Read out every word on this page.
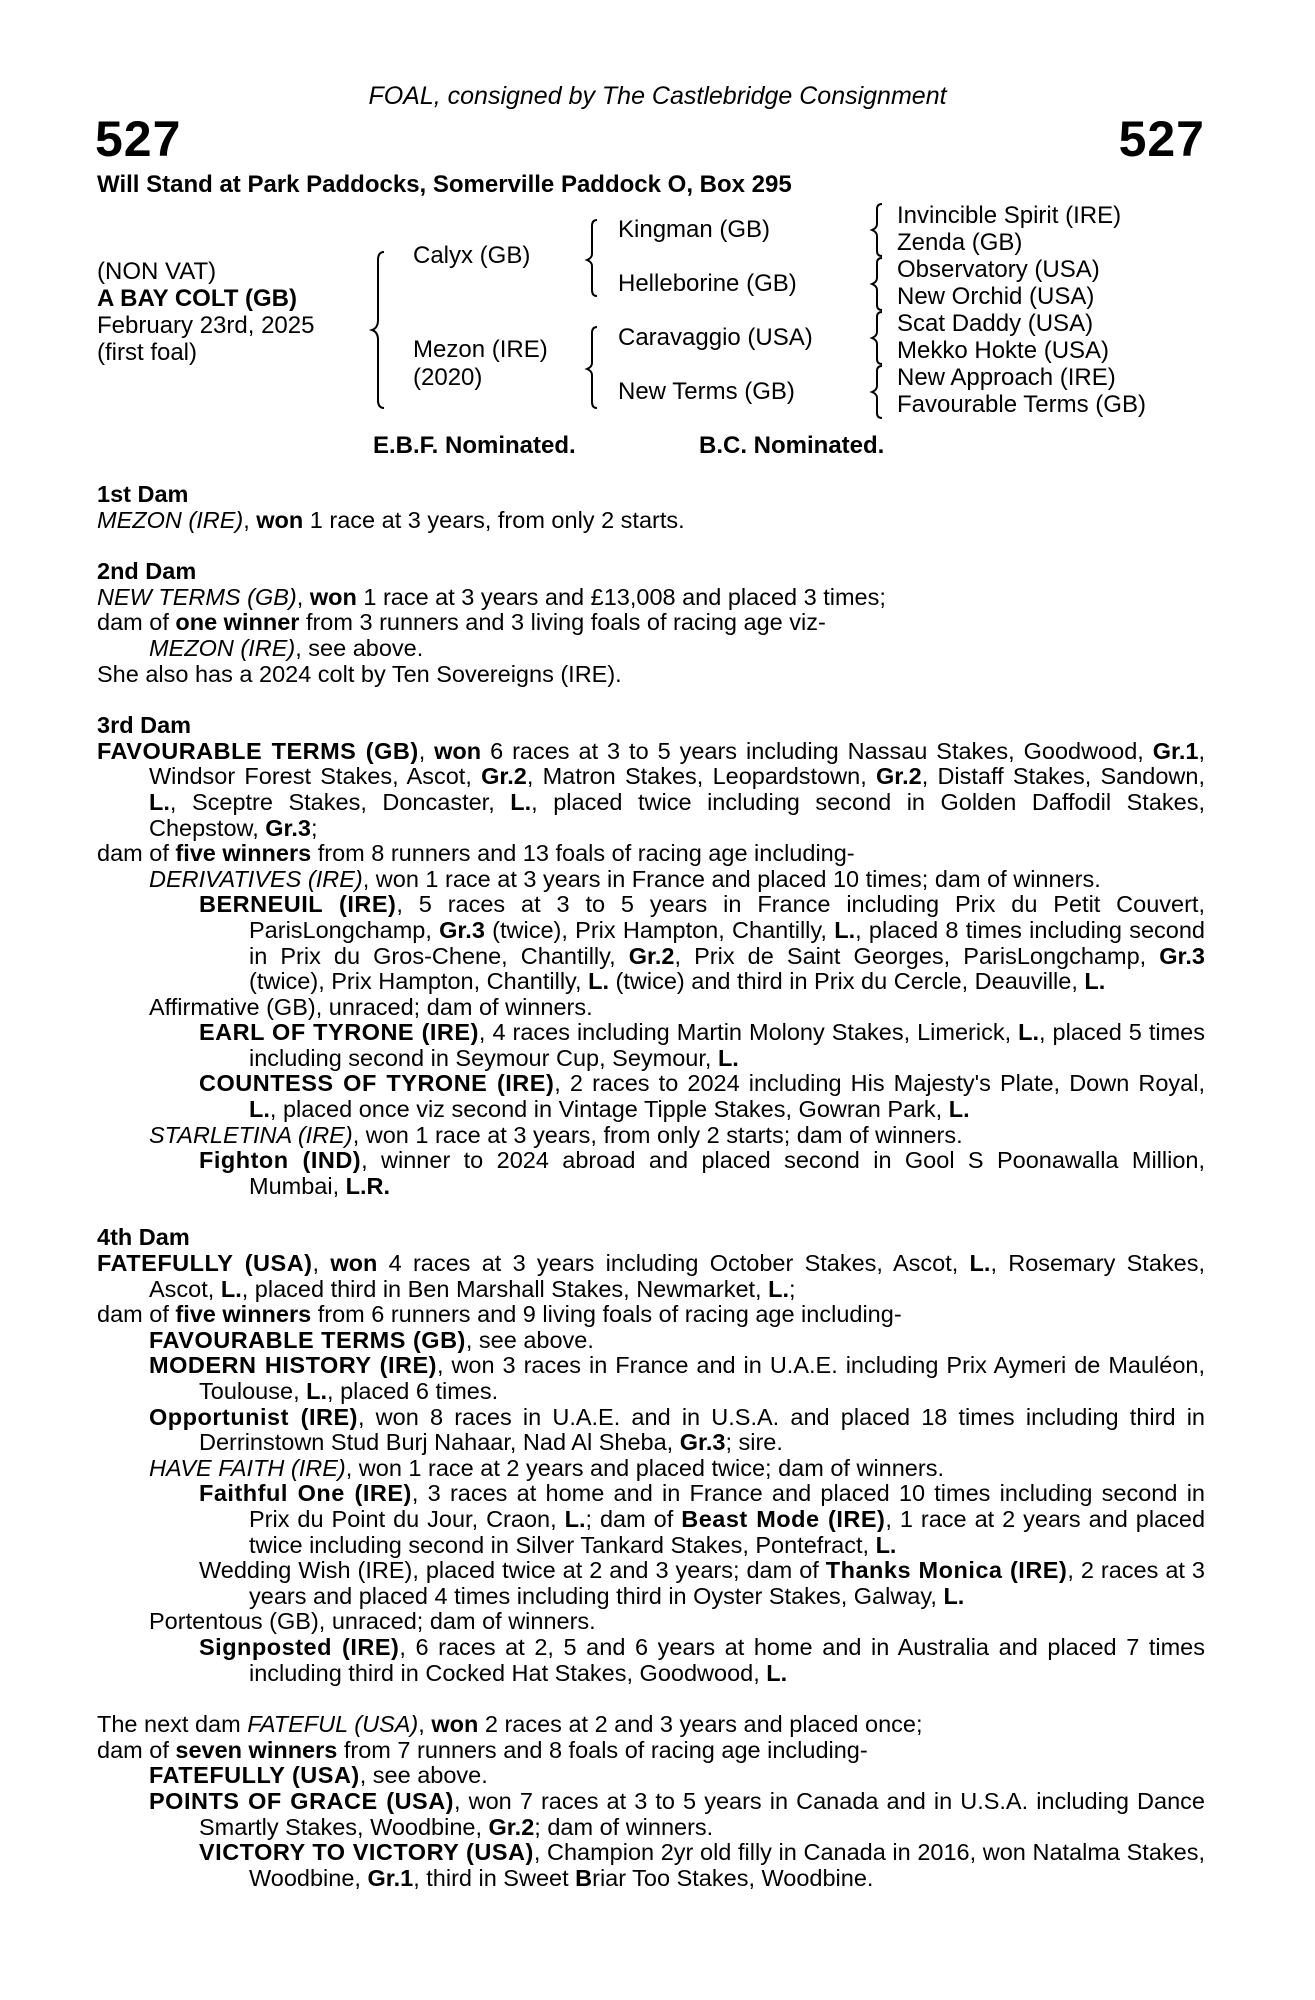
FOAL, consigned by The Castlebridge Consignment
527	527
Will Stand at Park Paddocks, Somerville Paddock O, Box 295
(NON VAT)
A BAY COLT (GB)
February 23rd, 2025
(first foal)
Calyx (GB)
Mezon (IRE)
(2020)
Kingman (GB)
Helleborine (GB)
Caravaggio (USA)
New Terms (GB)
Invincible Spirit (IRE)
Zenda (GB)
Observatory (USA)
New Orchid (USA)
Scat Daddy (USA)
Mekko Hokte (USA)
New Approach (IRE)
Favourable Terms (GB)
E.B.F. Nominated.	B.C. Nominated.
1st Dam
MEZON (IRE), won 1 race at 3 years, from only 2 starts.
2nd Dam
NEW TERMS (GB), won 1 race at 3 years and £13,008 and placed 3 times;
dam of one winner from 3 runners and 3 living foals of racing age viz-
MEZON (IRE), see above.
She also has a 2024 colt by Ten Sovereigns (IRE).
3rd Dam
FAVOURABLE TERMS (GB), won 6 races at 3 to 5 years including Nassau Stakes, Goodwood, Gr.1, Windsor Forest Stakes, Ascot, Gr.2, Matron Stakes, Leopardstown, Gr.2, Distaff Stakes, Sandown, L., Sceptre Stakes, Doncaster, L., placed twice including second in Golden Daffodil Stakes, Chepstow, Gr.3;
dam of five winners from 8 runners and 13 foals of racing age including-
DERIVATIVES (IRE), won 1 race at 3 years in France and placed 10 times; dam of winners.
BERNEUIL (IRE), 5 races at 3 to 5 years in France including Prix du Petit Couvert, ParisLongchamp, Gr.3 (twice), Prix Hampton, Chantilly, L., placed 8 times including second in Prix du Gros-Chene, Chantilly, Gr.2, Prix de Saint Georges, ParisLongchamp, Gr.3 (twice), Prix Hampton, Chantilly, L. (twice) and third in Prix du Cercle, Deauville, L.
Affirmative (GB), unraced; dam of winners.
EARL OF TYRONE (IRE), 4 races including Martin Molony Stakes, Limerick, L., placed 5 times including second in Seymour Cup, Seymour, L.
COUNTESS OF TYRONE (IRE), 2 races to 2024 including His Majesty's Plate, Down Royal, L., placed once viz second in Vintage Tipple Stakes, Gowran Park, L.
STARLETINA (IRE), won 1 race at 3 years, from only 2 starts; dam of winners.
Fighton (IND), winner to 2024 abroad and placed second in Gool S Poonawalla Million, Mumbai, L.R.
4th Dam
FATEFULLY (USA), won 4 races at 3 years including October Stakes, Ascot, L., Rosemary Stakes, Ascot, L., placed third in Ben Marshall Stakes, Newmarket, L.;
dam of five winners from 6 runners and 9 living foals of racing age including-
FAVOURABLE TERMS (GB), see above.
MODERN HISTORY (IRE), won 3 races in France and in U.A.E. including Prix Aymeri de Mauléon, Toulouse, L., placed 6 times.
Opportunist (IRE), won 8 races in U.A.E. and in U.S.A. and placed 18 times including third in Derrinstown Stud Burj Nahaar, Nad Al Sheba, Gr.3; sire.
HAVE FAITH (IRE), won 1 race at 2 years and placed twice; dam of winners.
Faithful One (IRE), 3 races at home and in France and placed 10 times including second in Prix du Point du Jour, Craon, L.; dam of Beast Mode (IRE), 1 race at 2 years and placed twice including second in Silver Tankard Stakes, Pontefract, L.
Wedding Wish (IRE), placed twice at 2 and 3 years; dam of Thanks Monica (IRE), 2 races at 3 years and placed 4 times including third in Oyster Stakes, Galway, L.
Portentous (GB), unraced; dam of winners.
Signposted (IRE), 6 races at 2, 5 and 6 years at home and in Australia and placed 7 times including third in Cocked Hat Stakes, Goodwood, L.
The next dam FATEFUL (USA), won 2 races at 2 and 3 years and placed once;
dam of seven winners from 7 runners and 8 foals of racing age including-
FATEFULLY (USA), see above.
POINTS OF GRACE (USA), won 7 races at 3 to 5 years in Canada and in U.S.A. including Dance Smartly Stakes, Woodbine, Gr.2; dam of winners.
VICTORY TO VICTORY (USA), Champion 2yr old filly in Canada in 2016, won Natalma Stakes, Woodbine, Gr.1, third in Sweet Briar Too Stakes, Woodbine.
